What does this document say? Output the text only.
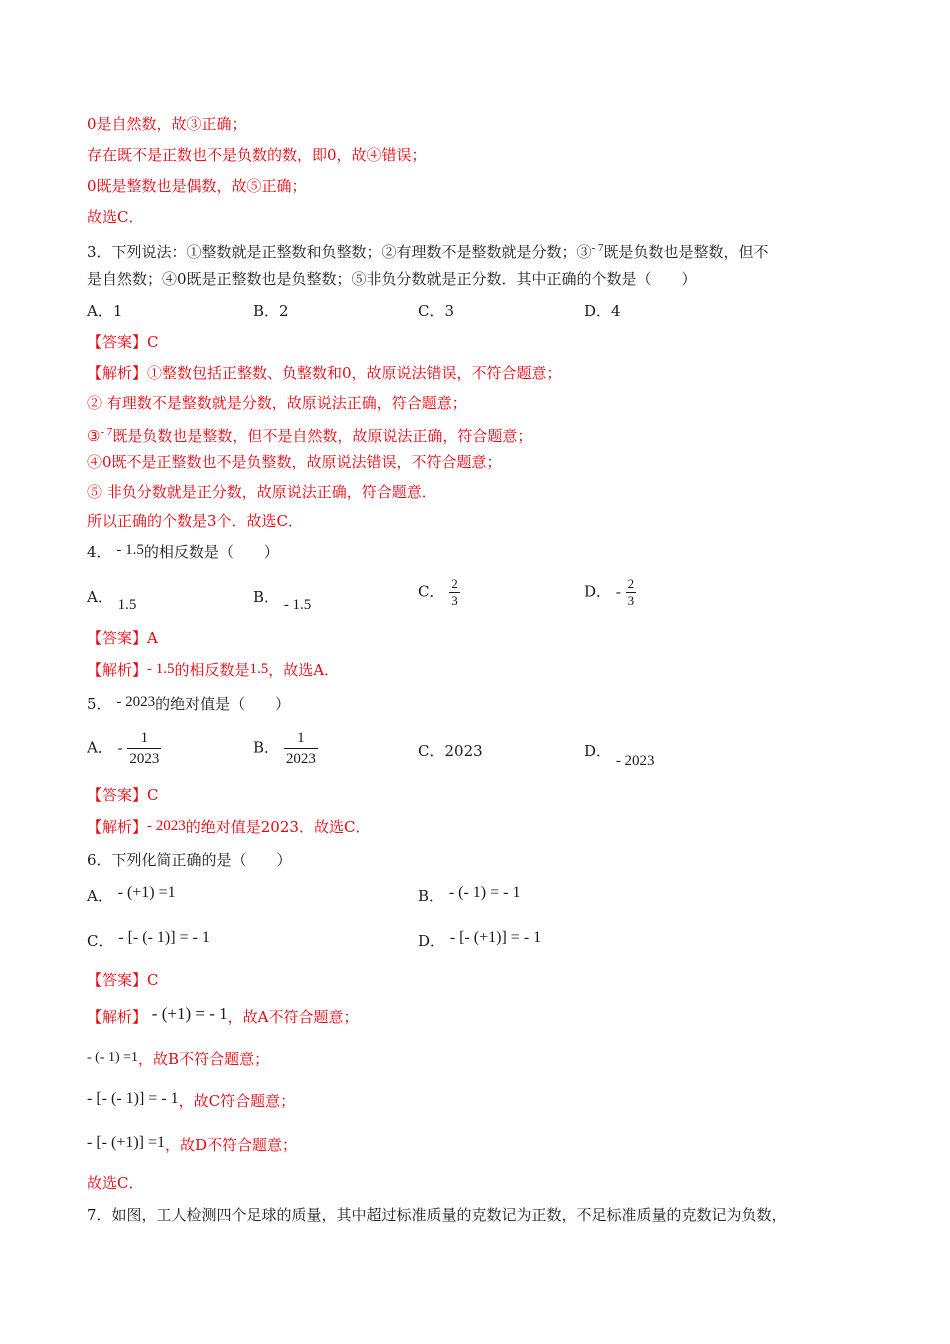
0是自然数，故③正确；
存在既不是正数也不是负数的数，即0，故④错误；
0既是整数也是偶数，故⑤正确；
故选C．
3．下列说法：①整数就是正整数和负整数；②有理数不是整数就是分数；③$^{- 7}$既是负数也是整数，但不
是自然数；④0既是正整数也是负整数；⑤非负分数就是正分数．其中正确的个数是（　　）
A．1	B．2	C．3	D．4
【答案】C
【解析】①整数包括正整数、负整数和0，故原说法错误，不符合题意；
② 有理数不是整数就是分数，故原说法正确，符合题意；
③$^{- 7}$既是负数也是整数，但不是自然数，故原说法正确，符合题意；
④0既不是正整数也不是负整数，故原说法错误，不符合题意；
⑤ 非负分数就是正分数，故原说法正确，符合题意．
所以正确的个数是3个．故选C．
4． - 1.5的相反数是（　　）
A． 1.5	B． - 1.5
C． $\frac{2}{3}$	D． - $\frac{2}{3}$
【答案】A
【解析】- 1.5的相反数是1.5，故选A．
5． - 2023的绝对值是（　　）
A． - $\frac{1}{2023}$	B． $\frac{1}{2023}$	C．2023	D． - 2023
【答案】C
【解析】- 2023的绝对值是2023．故选C．
6．下列化简正确的是（　　）
A． - (+1) =1	B． - (- 1) = - 1
C． - [- (- 1)] = - 1	D． - [- (+1)] = - 1
【答案】C
【解析】 - (+1) = - 1，故A不符合题意；
- (- 1) =1，故B不符合题意；
- [- (- 1)] = - 1，故C符合题意；
- [- (+1)] =1，故D不符合题意；
故选C．
7．如图，工人检测四个足球的质量，其中超过标准质量的克数记为正数，不足标准质量的克数记为负数，
